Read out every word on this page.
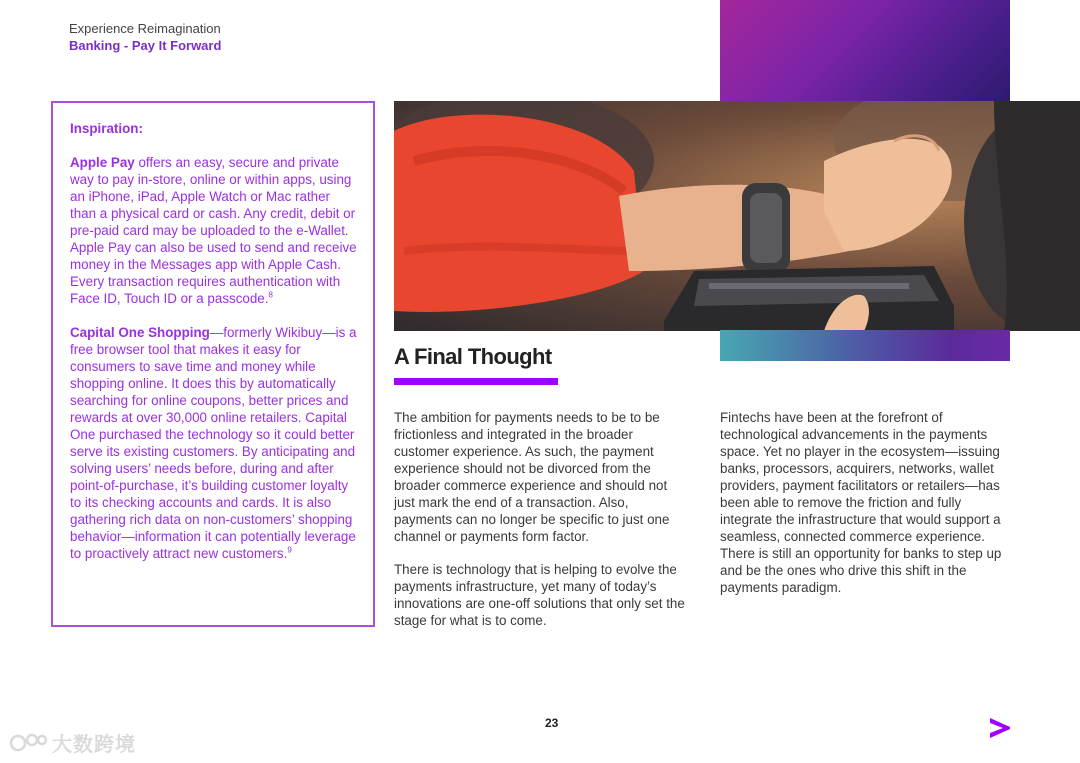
Experience Reimagination
Banking - Pay It Forward
Inspiration:

Apple Pay offers an easy, secure and private way to pay in-store, online or within apps, using an iPhone, iPad, Apple Watch or Mac rather than a physical card or cash. Any credit, debit or pre-paid card may be uploaded to the e-Wallet. Apple Pay can also be used to send and receive money in the Messages app with Apple Cash. Every transaction requires authentication with Face ID, Touch ID or a passcode.$^8$

Capital One Shopping—formerly Wikibuy—is a free browser tool that makes it easy for consumers to save time and money while shopping online. It does this by automatically searching for online coupons, better prices and rewards at over 30,000 online retailers. Capital One purchased the technology so it could better serve its existing customers. By anticipating and solving users’ needs before, during and after point-of-purchase, it’s building customer loyalty to its checking accounts and cards. It is also gathering rich data on non-customers’ shopping behavior—information it can potentially leverage to proactively attract new customers.$^9$

A Final Thought

The ambition for payments needs to be to be frictionless and integrated in the broader customer experience. As such, the payment experience should not be divorced from the broader commerce experience and should not just mark the end of a transaction. Also, payments can no longer be specific to just one channel or payments form factor.

There is technology that is helping to evolve the payments infrastructure, yet many of today’s innovations are one-off solutions that only set the stage for what is to come.

Fintechs have been at the forefront of technological advancements in the payments space. Yet no player in the ecosystem—issuing banks, processors, acquirers, networks, wallet providers, payment facilitators or retailers—has been able to remove the friction and fully integrate the infrastructure that would support a seamless, connected commerce experience. There is still an opportunity for banks to step up and be the ones who drive this shift in the payments paradigm.

23
大数跨境
